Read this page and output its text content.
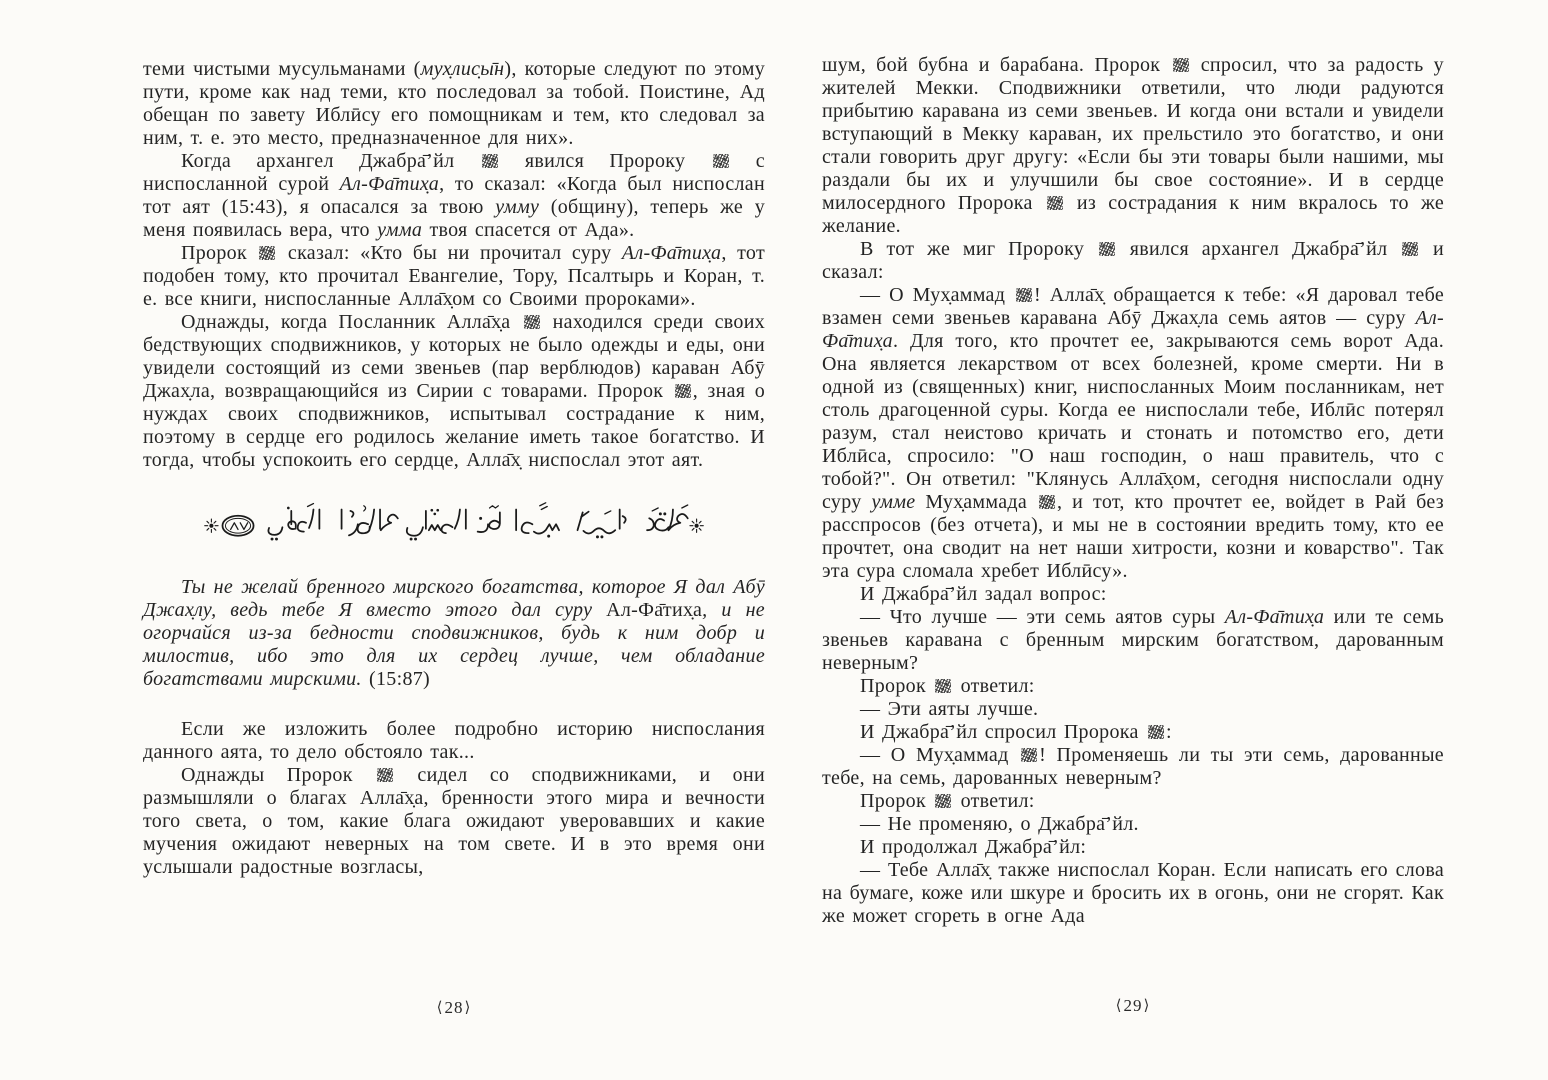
теми чистыми мусульманами (мух̣лис̣ы̄н), которые следуют по этому пути, кроме как над теми, кто последовал за тобой. Поистине, Ад обещан по завету Иблӣсу его помощникам и тем, кто следовал за ним, т. е. это место, предназначенное для них».

Когда архангел Джабра̄’йл  явился Пророку  с ниспосланной сурой Ал-Фа̄тих̣а, то сказал: «Когда был ниспослан тот аят (15:43), я опасался за твою умму (общину), теперь же у меня появилась вера, что умма твоя спасется от Ада».

Пророк  сказал: «Кто бы ни прочитал суру Ал-Фа̄тих̣а, тот подобен тому, кто прочитал Евангелие, Тору, Псалтырь и Коран, т. е. все книги, ниспосланные Алла̄х̣ом со Своими пророками».

Однажды, когда Посланник Алла̄х̣а  находился среди своих бедствующих сподвижников, у которых не было одежды и еды, они увидели состоящий из семи звеньев (пар верблюдов) караван Абӯ Джах̣ла, возвращающийся из Сирии с товарами. Пророк , зная о нуждах своих сподвижников, испытывал сострадание к ним, поэтому в сердце его родилось желание иметь такое богатство. И тогда, чтобы успокоить его сердце, Алла̄х̣ ниспослал этот аят.

Ты не желай бренного мирского богатства, которое Я дал Абӯ Джах̣лу, ведь тебе Я вместо этого дал суру Ал-Фа̄тих̣а, и не огорчайся из-за бедности сподвижников, будь к ним добр и милостив, ибо это для их сердец лучше, чем обладание богатствами мирскими. (15:87)

Если же изложить более подробно историю ниспослания данного аята, то дело обстояло так...

Однажды Пророк  сидел со сподвижниками, и они размышляли о благах Алла̄х̣а, бренности этого мира и вечности того света, о том, какие блага ожидают уверовавших и какие мучения ожидают неверных на том свете. И в это время они услышали радостные возгласы,

шум, бой бубна и барабана. Пророк  спросил, что за радость у жителей Мекки. Сподвижники ответили, что люди радуются прибытию каравана из семи звеньев. И когда они встали и увидели вступающий в Мекку караван, их прельстило это богатство, и они стали говорить друг другу: «Если бы эти товары были нашими, мы раздали бы их и улучшили бы свое состояние». И в сердце милосердного Пророка  из сострадания к ним вкралось то же желание.

В тот же миг Пророку  явился архангел Джабра̄’йл  и сказал:

— О Мух̣аммад ! Алла̄х̣ обращается к тебе: «Я даровал тебе взамен семи звеньев каравана Абӯ Джах̣ла семь аятов — суру Ал-Фа̄тих̣а. Для того, кто прочтет ее, закрываются семь ворот Ада. Она является лекарством от всех болезней, кроме смерти. Ни в одной из (священных) книг, ниспосланных Моим посланникам, нет столь драгоценной суры. Когда ее ниспослали тебе, Иблӣс потерял разум, стал неистово кричать и стонать и потомство его, дети Иблӣса, спросило: "О наш господин, о наш правитель, что с тобой?". Он ответил: "Клянусь Алла̄х̣ом, сегодня ниспослали одну суру умме Мух̣аммада , и тот, кто прочтет ее, войдет в Рай без расспросов (без отчета), и мы не в состоянии вредить тому, кто ее прочтет, она сводит на нет наши хитрости, козни и коварство". Так эта сура сломала хребет Иблӣсу».

И Джабра̄’йл задал вопрос:

— Что лучше — эти семь аятов суры Ал-Фа̄тих̣а или те семь звеньев каравана с бренным мирским богатством, дарованным неверным?

Пророк  ответил:

— Эти аяты лучше.

И Джабра̄’йл спросил Пророка :

— О Мух̣аммад ! Променяешь ли ты эти семь, дарованные тебе, на семь, дарованных неверным?

Пророк  ответил:

— Не променяю, о Джабра̄’йл.

И продолжал Джабра̄’йл:

— Тебе Алла̄х̣ также ниспослал Коран. Если написать его слова на бумаге, коже или шкуре и бросить их в огонь, они не сгорят. Как же может сгореть в огне Ада

⟨28⟩	⟨29⟩
